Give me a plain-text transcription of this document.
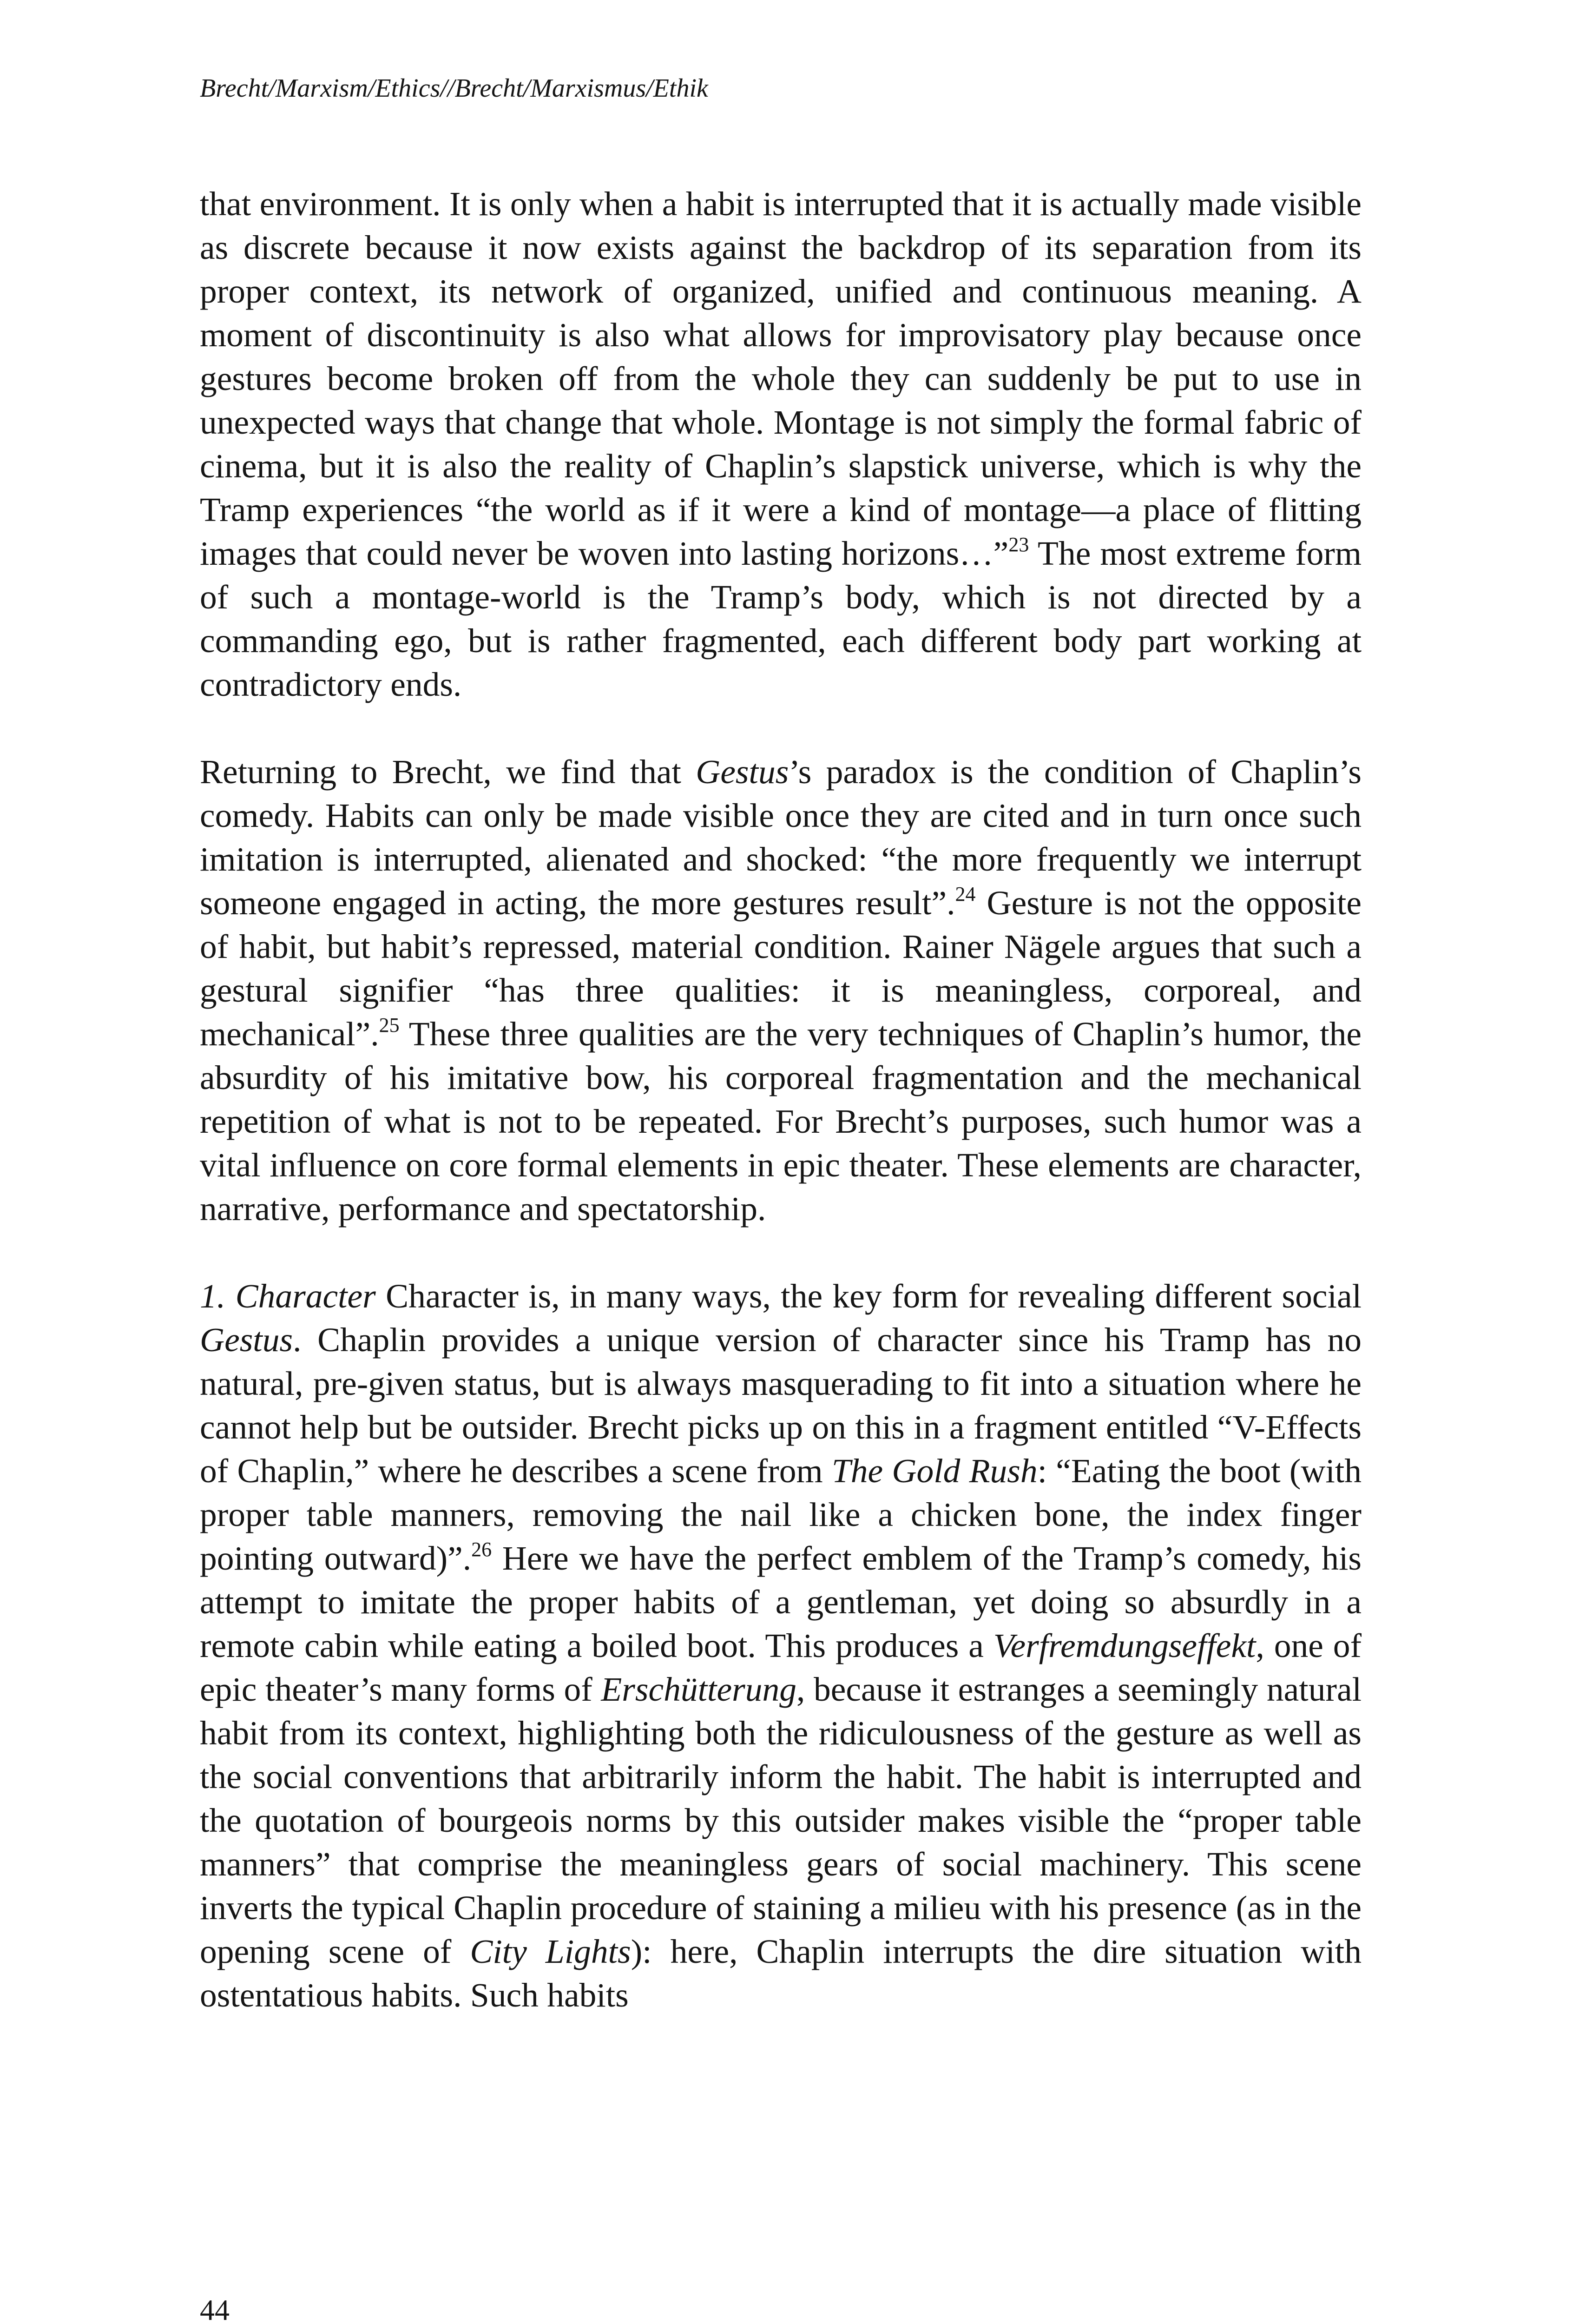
Brecht/Marxism/Ethics//Brecht/Marxismus/Ethik

that environment. It is only when a habit is interrupted that it is actually made visible as discrete because it now exists against the backdrop of its separation from its proper context, its network of organized, unified and continuous meaning. A moment of discontinuity is also what allows for improvisatory play because once gestures become broken off from the whole they can suddenly be put to use in unexpected ways that change that whole. Montage is not simply the formal fabric of cinema, but it is also the reality of Chaplin’s slapstick universe, which is why the Tramp experiences “the world as if it were a kind of montage—a place of flitting images that could never be woven into lasting horizons…”$^{23}$ The most extreme form of such a montage-world is the Tramp’s body, which is not directed by a commanding ego, but is rather fragmented, each different body part working at contradictory ends.

Returning to Brecht, we find that Gestus’s paradox is the condition of Chaplin’s comedy. Habits can only be made visible once they are cited and in turn once such imitation is interrupted, alienated and shocked: “the more frequently we interrupt someone engaged in acting, the more gestures result”.$^{24}$ Gesture is not the opposite of habit, but habit’s repressed, material condition. Rainer Nägele argues that such a gestural signifier “has three qualities: it is meaningless, corporeal, and mechanical”.$^{25}$ These three qualities are the very techniques of Chaplin’s humor, the absurdity of his imitative bow, his corporeal fragmentation and the mechanical repetition of what is not to be repeated. For Brecht’s purposes, such humor was a vital influence on core formal elements in epic theater. These elements are character, narrative, performance and spectatorship.

1. Character Character is, in many ways, the key form for revealing different social Gestus. Chaplin provides a unique version of character since his Tramp has no natural, pre-given status, but is always masquerading to fit into a situation where he cannot help but be outsider. Brecht picks up on this in a fragment entitled “V-Effects of Chaplin,” where he describes a scene from The Gold Rush: “Eating the boot (with proper table manners, removing the nail like a chicken bone, the index finger pointing outward)”.$^{26}$ Here we have the perfect emblem of the Tramp’s comedy, his attempt to imitate the proper habits of a gentleman, yet doing so absurdly in a remote cabin while eating a boiled boot. This produces a Verfremdungseffekt, one of epic theater’s many forms of Erschütterung, because it estranges a seemingly natural habit from its context, highlighting both the ridiculousness of the gesture as well as the social conventions that arbitrarily inform the habit. The habit is interrupted and the quotation of bourgeois norms by this outsider makes visible the “proper table manners” that comprise the meaningless gears of social machinery. This scene inverts the typical Chaplin procedure of staining a milieu with his presence (as in the opening scene of City Lights): here, Chaplin interrupts the dire situation with ostentatious habits. Such habits

44
